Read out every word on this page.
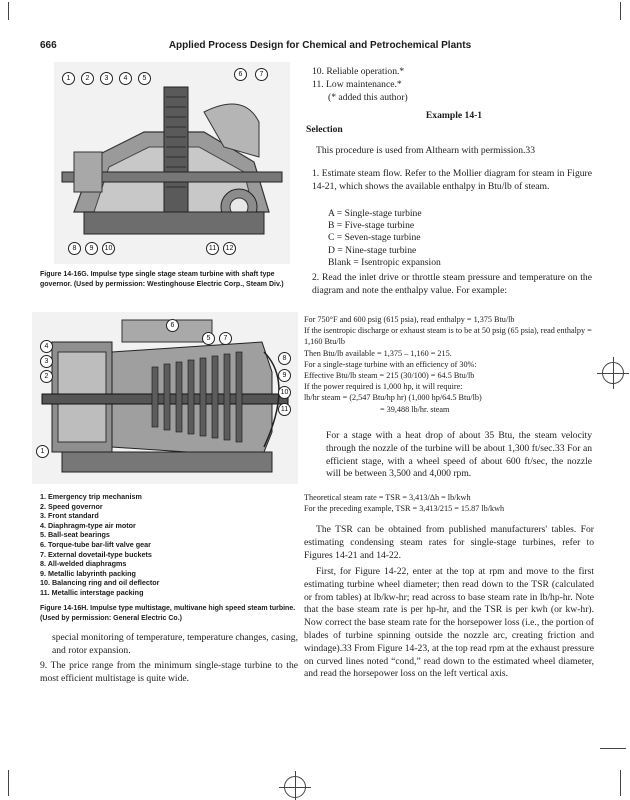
666	Applied Process Design for Chemical and Petrochemical Plants
1	2	3	4	5
6	7
8	9	10	11	12
Figure 14-16G. Impulse type single stage steam turbine with shaft type governor. (Used by permission: Westinghouse Electric Corp., Steam Div.)
6
4
3
2
1
5	7
8
9
10
11
1. Emergency trip mechanism
2. Speed governor
3. Front standard
4. Diaphragm-type air motor
5. Ball-seat bearings
6. Torque-tube bar-lift valve gear
7. External dovetail-type buckets
8. All-welded diaphragms
9. Metallic labyrinth packing
10. Balancing ring and oil deflector
11. Metallic interstage packing
Figure 14-16H. Impulse type multistage, multivane high speed steam turbine. (Used by permission: General Electric Co.)
special monitoring of temperature, temperature changes, casing, and rotor expansion.
9. The price range from the minimum single-stage turbine to the most efficient multistage is quite wide.
10. Reliable operation.*
11. Low maintenance.*
(* added this author)
Example 14-1
Selection
This procedure is used from Althearn with permission.33
1. Estimate steam flow. Refer to the Mollier diagram for steam in Figure 14-21, which shows the available enthalpy in Btu/lb of steam.
A = Single-stage turbine
B = Five-stage turbine
C = Seven-stage turbine
D = Nine-stage turbine
Blank = Isentropic expansion
2. Read the inlet drive or throttle steam pressure and temperature on the diagram and note the enthalpy value. For example:
For 750°F and 600 psig (615 psia), read enthalpy = 1,375 Btu/lb
If the isentropic discharge or exhaust steam is to be at 50 psig (65 psia), read enthalpy = 1,160 Btu/lb
Then Btu/lb available = 1,375 – 1,160 = 215.
For a single-stage turbine with an efficiency of 30%:
Effective Btu/lb steam = 215 (30/100) = 64.5 Btu/lb
If the power required is 1,000 hp, it will require:
lb/hr steam = (2,547 Btu/hp hr) (1,000 hp/64.5 Btu/lb)
= 39,488 lb/hr. steam
For a stage with a heat drop of about 35 Btu, the steam velocity through the nozzle of the turbine will be about 1,300 ft/sec.33 For an efficient stage, with a wheel speed of about 600 ft/sec, the nozzle will be between 3,500 and 4,000 rpm.
Theoretical steam rate = TSR = 3,413/Δh = lb/kwh
For the preceding example, TSR = 3,413/215 = 15.87 lb/kwh
The TSR can be obtained from published manufacturers' tables. For estimating condensing steam rates for single-stage turbines, refer to Figures 14-21 and 14-22.
First, for Figure 14-22, enter at the top at rpm and move to the first estimating turbine wheel diameter; then read down to the TSR (calculated or from tables) at lb/kw-hr; read across to base steam rate in lb/hp-hr. Note that the base steam rate is per hp-hr, and the TSR is per kwh (or kw-hr). Now correct the base steam rate for the horsepower loss (i.e., the portion of blades of turbine spinning outside the nozzle arc, creating friction and windage).33 From Figure 14-23, at the top read rpm at the exhaust pressure on curved lines noted “cond,” read down to the estimated wheel diameter, and read the horsepower loss on the left vertical axis.
